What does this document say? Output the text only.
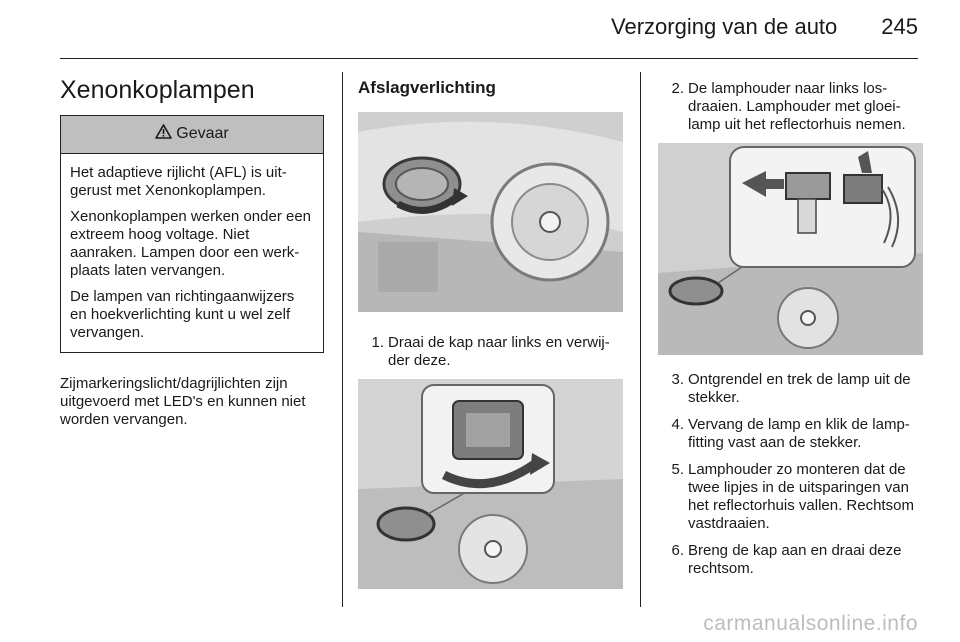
Verzorging van de auto 245
Xenonkoplampen
Gevaar

Het adaptieve rijlicht (AFL) is uit-gerust met Xenonkoplampen.

Xenonkoplampen werken onder een extreem hoog voltage. Niet aanraken. Lampen door een werk-plaats laten vervangen.

De lampen van richtingaanwijzers en hoekverlichting kunt u wel zelf vervangen.

Zijmarkeringslicht/dagrijlichten zijn uitgevoerd met LED's en kunnen niet worden vervangen.

Afslagverlichting
1. Draai de kap naar links en verwij-der deze.
2. De lamphouder naar links los-draaien. Lamphouder met gloei-lamp uit het reflectorhuis nemen.
3. Ontgrendel en trek de lamp uit de stekker.
4. Vervang de lamp en klik de lamp-fitting vast aan de stekker.
5. Lamphouder zo monteren dat de twee lipjes in de uitsparingen van het reflectorhuis vallen. Rechtsom vastdraaien.
6. Breng de kap aan en draai deze rechtsom.
carmanualsonline.info
